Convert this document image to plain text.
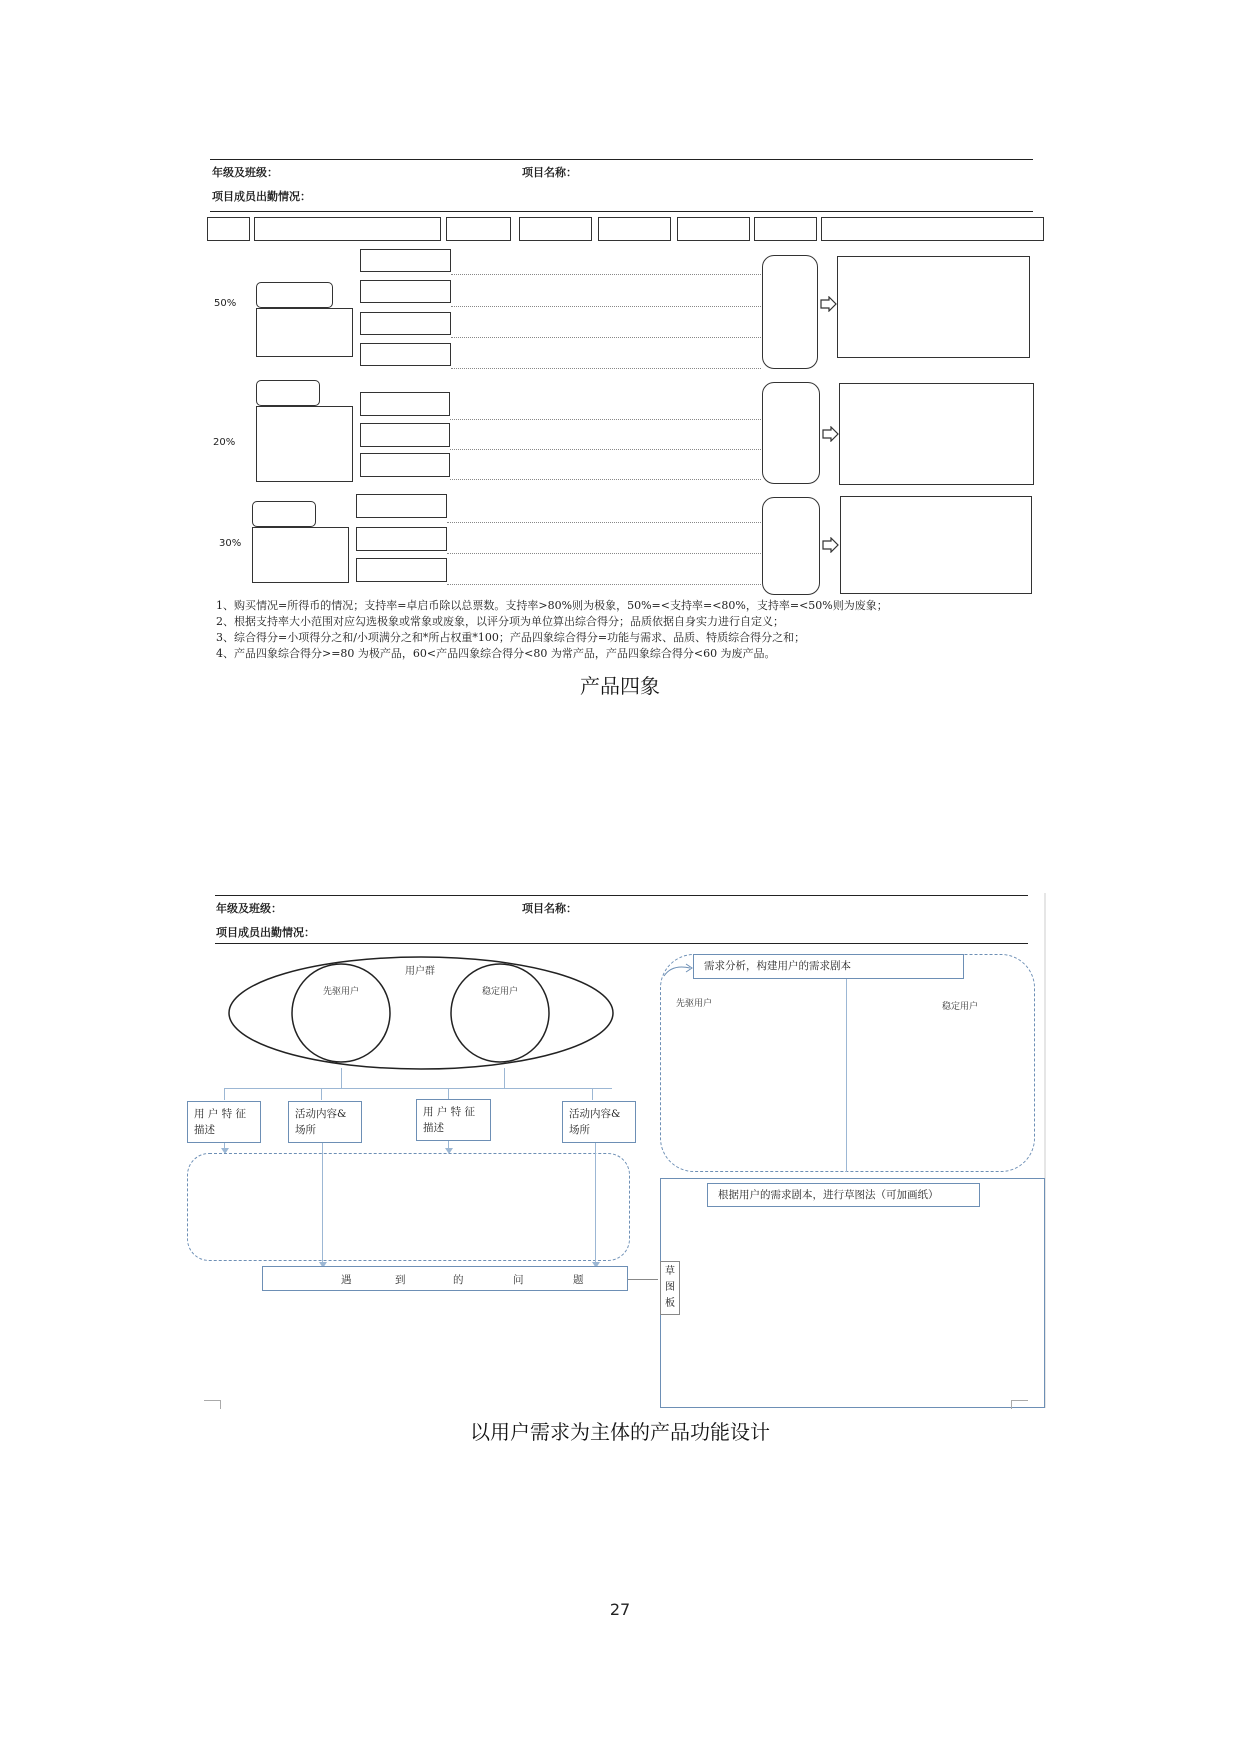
年级及班级：	项目名称：
项目成员出勤情况：
50%
20%
30%
1、购买情况=所得币的情况；支持率=卓启币除以总票数。支持率>80%则为极象，50%=<支持率=<80%，支持率=<50%则为废象；
2、根据支持率大小范围对应勾选极象或常象或废象，以评分项为单位算出综合得分；品质依据自身实力进行自定义；
3、综合得分=小项得分之和/小项满分之和*所占权重*100；产品四象综合得分=功能与需求、品质、特质综合得分之和；
4、产品四象综合得分>=80 为极产品，60<产品四象综合得分<80 为常产品，产品四象综合得分<60 为废产品。
产品四象
年级及班级：	项目名称：
项目成员出勤情况：
用户群
先驱用户	稳定用户
用 户 特 征 描述
活动内容& 场所
用 户 特 征 描述
活动内容& 场所
遇	到	的	问	题
需求分析，构建用户的需求剧本
先驱用户	稳定用户
根据用户的需求剧本，进行草图法（可加画纸）
草 图 板
以用户需求为主体的产品功能设计
27
